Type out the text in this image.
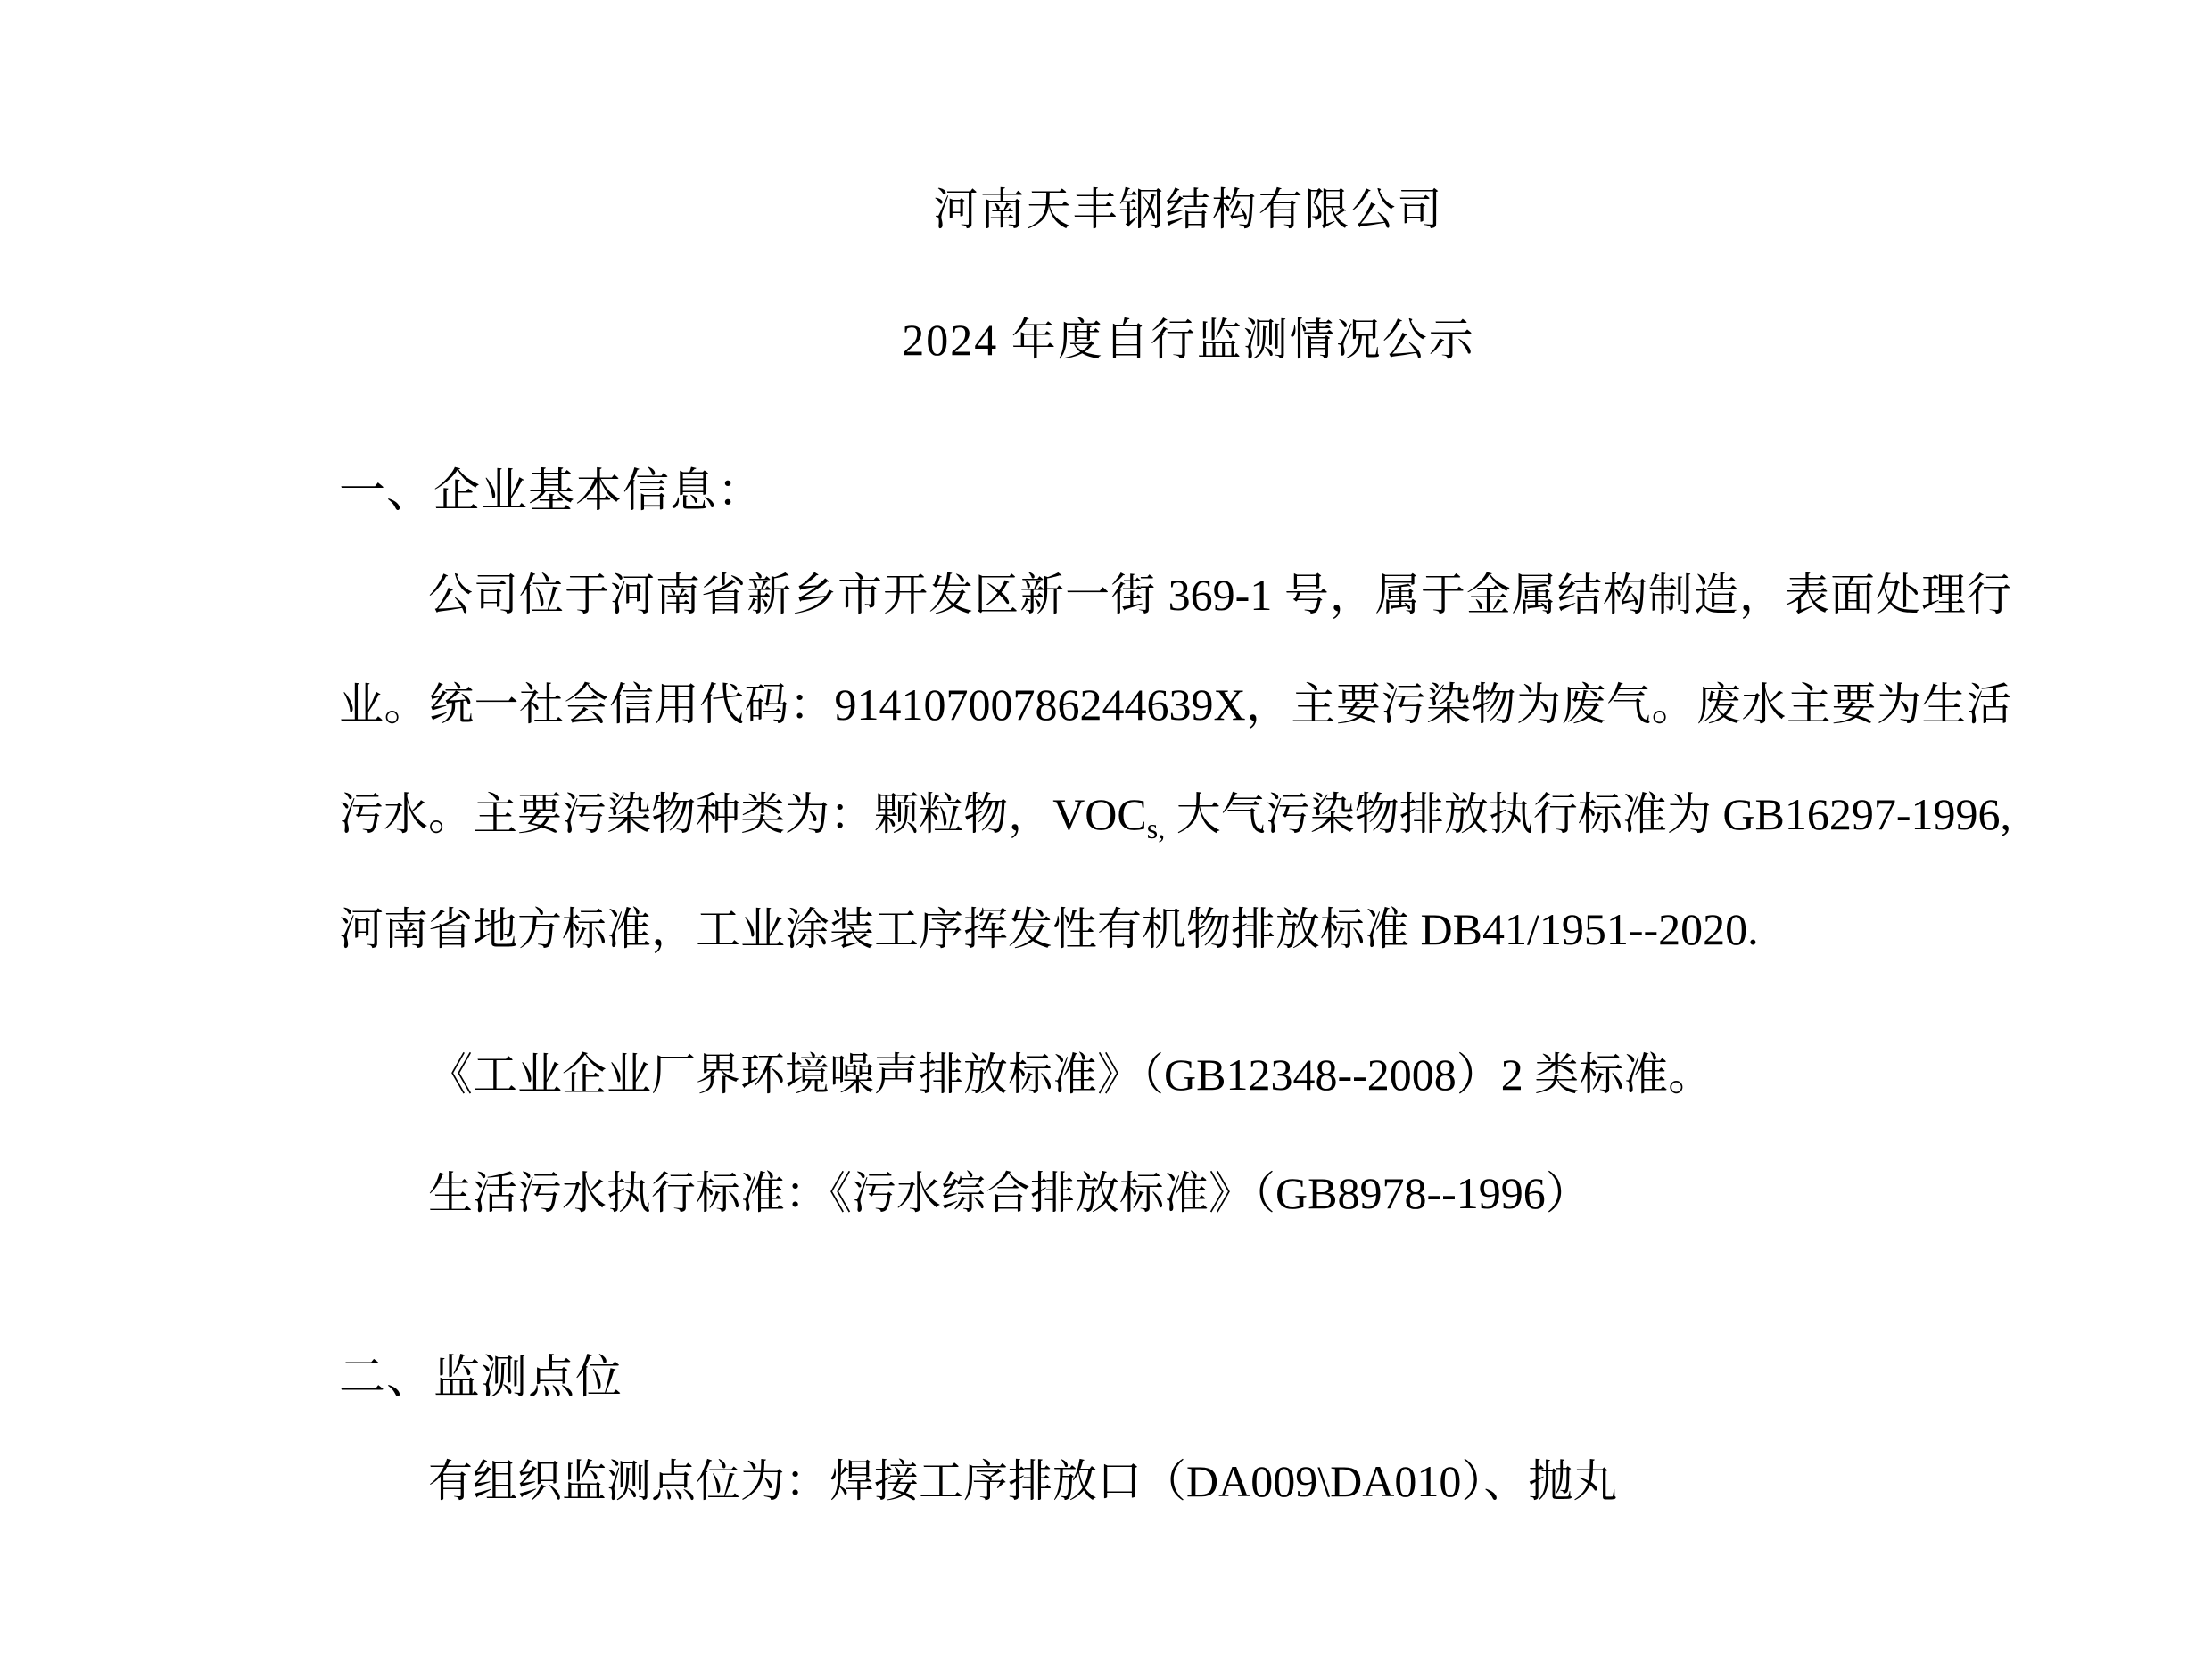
河南天丰钢结构有限公司
2024 年度自行监测情况公示
一、企业基本信息：
公司位于河南省新乡市开发区新一街 369-1 号，属于金属结构制造，表面处理行业。统一社会信用代码：91410700786244639X，主要污染物为废气。废水主要为生活污水。主要污染物种类为：颗粒物，$VOC_{s,}$ 大气污染物排放执行标准为 GB16297-1996,河南省地方标准，工业涂装工序挥发性有机物排放标准 DB41/1951--2020.
《工业企业厂界环境噪声排放标准》（GB12348--2008）2 类标准。
生活污水执行标准：《污水综合排放标准》（GB8978--1996）
二、监测点位
有组织监测点位为：焊接工序排放口（DA009\DA010）、抛丸
